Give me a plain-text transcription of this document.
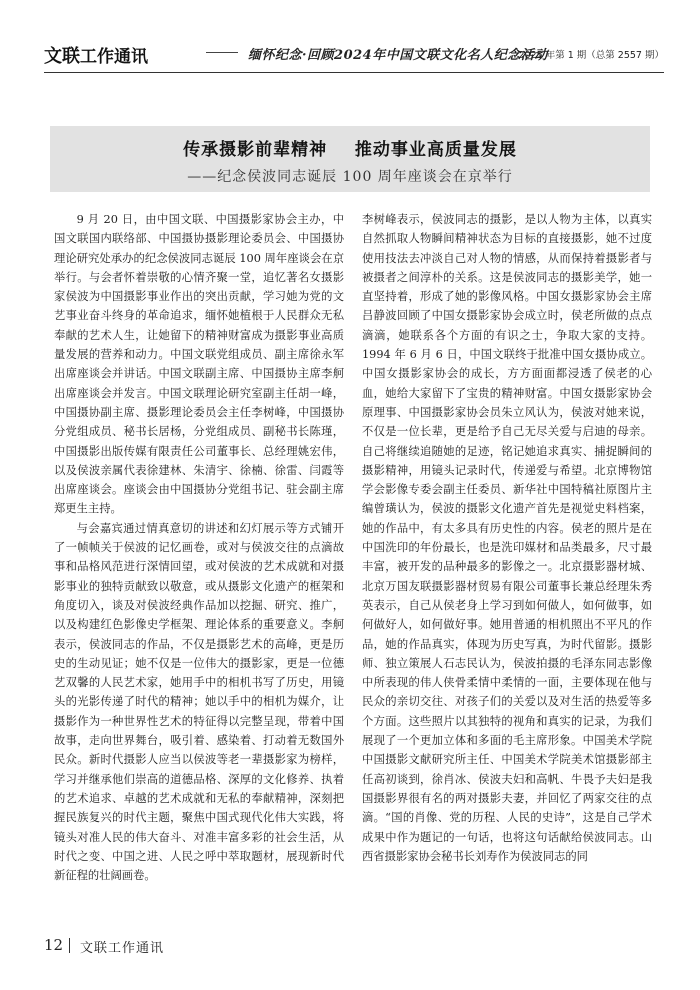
文联工作通讯	缅怀纪念·回顾2024年中国文联文化名人纪念活动
2025 年第 1 期（总第 2557 期）
传承摄影前辈精神    推动事业高质量发展
——纪念侯波同志诞辰 100 周年座谈会在京举行

9 月 20 日，由中国文联、中国摄影家协会主办，中国文联国内联络部、中国摄协摄影理论委员会、中国摄协理论研究处承办的纪念侯波同志诞辰 100 周年座谈会在京举行。与会者怀着崇敬的心情齐聚一堂，追忆著名女摄影家侯波为中国摄影事业作出的突出贡献，学习她为党的文艺事业奋斗终身的革命追求，缅怀她植根于人民群众无私奉献的艺术人生，让她留下的精神财富成为摄影事业高质量发展的营养和动力。中国文联党组成员、副主席徐永军出席座谈会并讲话。中国文联副主席、中国摄协主席李舸出席座谈会并发言。中国文联理论研究室副主任胡一峰，中国摄协副主席、摄影理论委员会主任李树峰，中国摄协分党组成员、秘书长居杨，分党组成员、副秘书长陈瑾，中国摄影出版传媒有限责任公司董事长、总经理姚宏伟，以及侯波亲属代表徐建林、朱清宇、徐楠、徐雷、闫霞等出席座谈会。座谈会由中国摄协分党组书记、驻会副主席郑更生主持。

与会嘉宾通过情真意切的讲述和幻灯展示等方式铺开了一帧帧关于侯波的记忆画卷，或对与侯波交往的点滴故事和品格风范进行深情回望，或对侯波的艺术成就和对摄影事业的独特贡献致以敬意，或从摄影文化遗产的框架和角度切入，谈及对侯波经典作品加以挖掘、研究、推广，以及构建红色影像史学框架、理论体系的重要意义。李舸表示，侯波同志的作品，不仅是摄影艺术的高峰，更是历史的生动见证；她不仅是一位伟大的摄影家，更是一位德艺双馨的人民艺术家，她用手中的相机书写了历史，用镜头的光影传递了时代的精神；她以手中的相机为媒介，让摄影作为一种世界性艺术的特征得以完整呈现，带着中国故事，走向世界舞台，吸引着、感染着、打动着无数国外民众。新时代摄影人应当以侯波等老一辈摄影家为榜样，学习并继承他们崇高的道德品格、深厚的文化修养、执着的艺术追求、卓越的艺术成就和无私的奉献精神，深刻把握民族复兴的时代主题，聚焦中国式现代化伟大实践，将镜头对准人民的伟大奋斗、对准丰富多彩的社会生活，从时代之变、中国之进、人民之呼中萃取题材，展现新时代新征程的壮阔画卷。

李树峰表示，侯波同志的摄影，是以人物为主体，以真实自然抓取人物瞬间精神状态为目标的直接摄影，她不过度使用技法去冲淡自己对人物的情感，从而保持着摄影者与被摄者之间淳朴的关系。这是侯波同志的摄影美学，她一直坚持着，形成了她的影像风格。中国女摄影家协会主席吕静波回顾了中国女摄影家协会成立时，侯老所做的点点滴滴，她联系各个方面的有识之士，争取大家的支持。1994 年 6 月 6 日，中国文联终于批准中国女摄协成立。中国女摄影家协会的成长，方方面面都浸透了侯老的心血，她给大家留下了宝贵的精神财富。中国女摄影家协会原理事、中国摄影家协会员朱立风认为，侯波对她来说，不仅是一位长辈，更是给予自己无尽关爱与启迪的母亲。自己将继续追随她的足迹，铭记她追求真实、捕捉瞬间的摄影精神，用镜头记录时代，传递爱与希望。北京博物馆学会影像专委会副主任委员、新华社中国特稿社原图片主编曾璜认为，侯波的摄影文化遗产首先是视觉史料档案，她的作品中，有太多具有历史性的内容。侯老的照片是在中国洗印的年份最长，也是洗印媒材和品类最多，尺寸最丰富，被开发的品种最多的影像之一。北京摄影器材城、北京万国友联摄影器材贸易有限公司董事长兼总经理朱秀英表示，自己从侯老身上学习到如何做人，如何做事，如何做好人，如何做好事。她用普通的相机照出不平凡的作品，她的作品真实，体现为历史写真，为时代留影。摄影师、独立策展人石志民认为，侯波拍摄的毛泽东同志影像中所表现的伟人侠骨柔情中柔情的一面，主要体现在他与民众的亲切交往、对孩子们的关爱以及对生活的热爱等多个方面。这些照片以其独特的视角和真实的记录，为我们展现了一个更加立体和多面的毛主席形象。中国美术学院中国摄影文献研究所主任、中国美术学院美术馆摄影部主任高初谈到，徐肖冰、侯波夫妇和高帆、牛畏予夫妇是我国摄影界很有名的两对摄影夫妻，并回忆了两家交往的点滴。“国的肖像、党的历程、人民的史诗”，这是自己学术成果中作为题记的一句话，也将这句话献给侯波同志。山西省摄影家协会秘书长刘寿作为侯波同志的同

12 文联工作通讯
